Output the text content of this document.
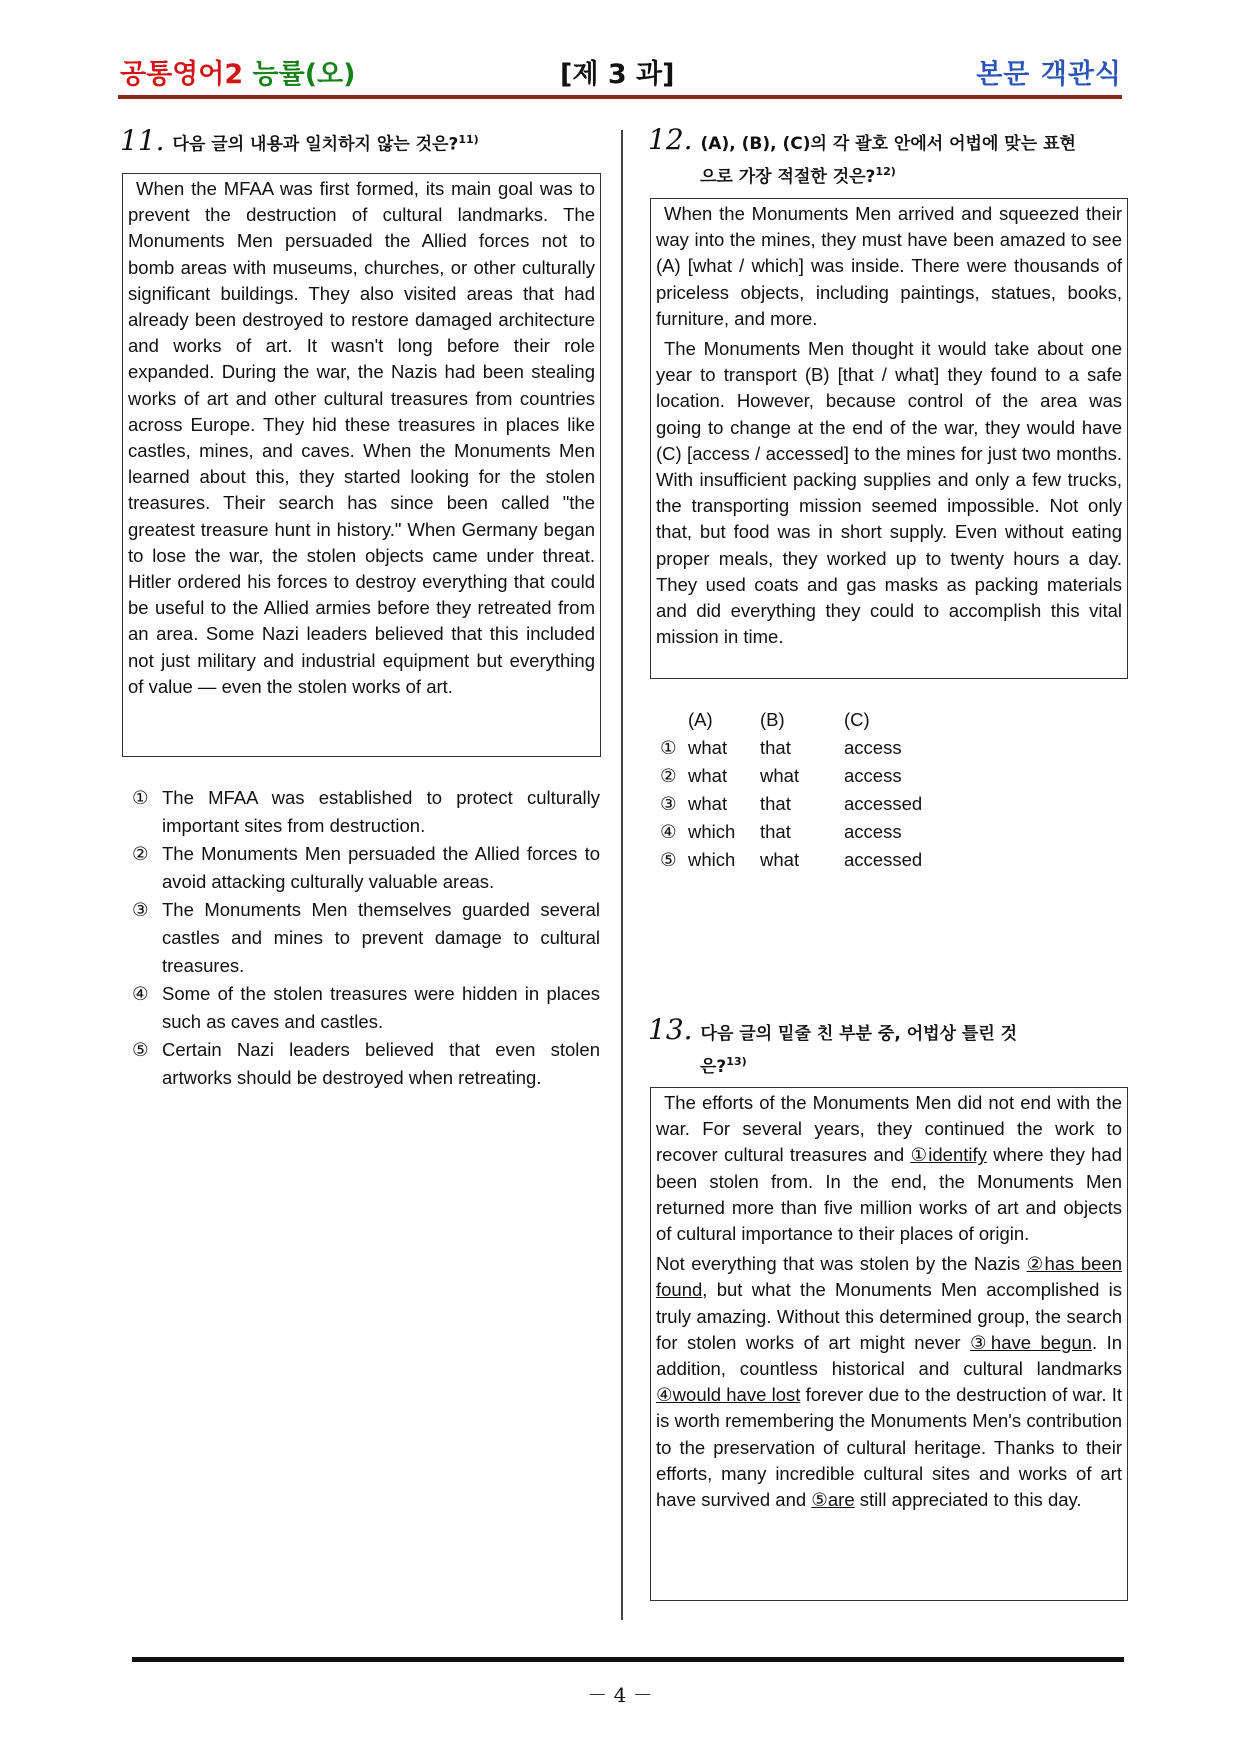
공통영어2 능률(오)	[제 3 과]	본문 객관식
11. 다음 글의 내용과 일치하지 않는 것은?$^{11)}$

When the MFAA was first formed, its main goal was to prevent the destruction of cultural landmarks. The Monuments Men persuaded the Allied forces not to bomb areas with museums, churches, or other culturally significant buildings. They also visited areas that had already been destroyed to restore damaged architecture and works of art. It wasn't long before their role expanded. During the war, the Nazis had been stealing works of art and other cultural treasures from countries across Europe. They hid these treasures in places like castles, mines, and caves. When the Monuments Men learned about this, they started looking for the stolen treasures. Their search has since been called "the greatest treasure hunt in history." When Germany began to lose the war, the stolen objects came under threat. Hitler ordered his forces to destroy everything that could be useful to the Allied armies before they retreated from an area. Some Nazi leaders believed that this included not just military and industrial equipment but everything of value — even the stolen works of art.

① The MFAA was established to protect culturally important sites from destruction.
② The Monuments Men persuaded the Allied forces to avoid attacking culturally valuable areas.
③ The Monuments Men themselves guarded several castles and mines to prevent damage to cultural treasures.
④ Some of the stolen treasures were hidden in places such as caves and castles.
⑤ Certain Nazi leaders believed that even stolen artworks should be destroyed when retreating.
12. (A), (B), (C)의 각 괄호 안에서 어법에 맞는 표현
으로 가장 적절한 것은?$^{12)}$

When the Monuments Men arrived and squeezed their way into the mines, they must have been amazed to see (A) [what / which] was inside. There were thousands of priceless objects, including paintings, statues, books, furniture, and more.

The Monuments Men thought it would take about one year to transport (B) [that / what] they found to a safe location. However, because control of the area was going to change at the end of the war, they would have (C) [access / accessed] to the mines for just two months. With insufficient packing supplies and only a few trucks, the transporting mission seemed impossible. Not only that, but food was in short supply. Even without eating proper meals, they worked up to twenty hours a day. They used coats and gas masks as packing materials and did everything they could to accomplish this vital mission in time.

	(A)	(B)	(C)
①	what	that	access
②	what	what	access
③	what	that	accessed
④	which	that	access
⑤	which	what	accessed
13. 다음 글의 밑줄 친 부분 중, 어법상 틀린 것
은?$^{13)}$

The efforts of the Monuments Men did not end with the war. For several years, they continued the work to recover cultural treasures and ①identify where they had been stolen from. In the end, the Monuments Men returned more than five million works of art and objects of cultural importance to their places of origin.

Not everything that was stolen by the Nazis ②has been found, but what the Monuments Men accomplished is truly amazing. Without this determined group, the search for stolen works of art might never ③have begun. In addition, countless historical and cultural landmarks ④would have lost forever due to the destruction of war. It is worth remembering the Monuments Men's contribution to the preservation of cultural heritage. Thanks to their efforts, many incredible cultural sites and works of art have survived and ⑤are still appreciated to this day.

－ 4 －
